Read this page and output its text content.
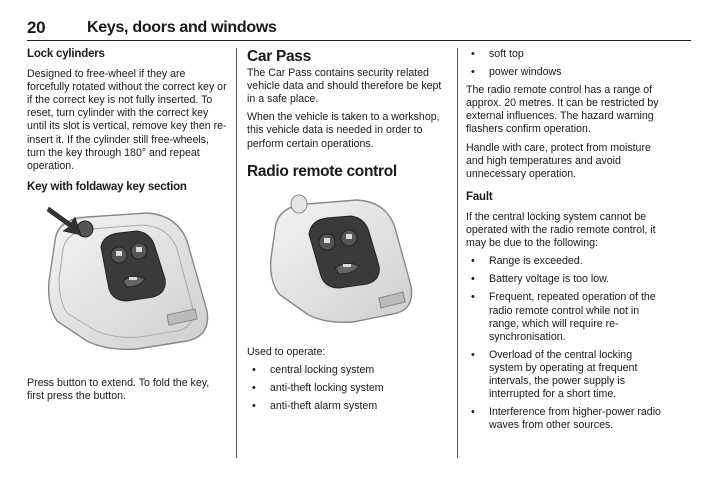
20	Keys, doors and windows
Lock cylinders

Designed to free-wheel if they are forcefully rotated without the correct key or if the correct key is not fully inserted. To reset, turn cylinder with the correct key until its slot is vertical, remove key then re-insert it. If the cylinder still free-wheels, turn the key through 180° and repeat operation.

Key with foldaway key section

Press button to extend. To fold the key, first press the button.

Car Pass

The Car Pass contains security related vehicle data and should therefore be kept in a safe place.

When the vehicle is taken to a workshop, this vehicle data is needed in order to perform certain operations.

Radio remote control

Used to operate:

• central locking system
• anti-theft locking system
• anti-theft alarm system
• soft top
• power windows

The radio remote control has a range of approx. 20 metres. It can be restricted by external influences. The hazard warning flashers confirm operation.

Handle with care, protect from moisture and high temperatures and avoid unnecessary operation.

Fault

If the central locking system cannot be operated with the radio remote control, it may be due to the following:

• Range is exceeded.
• Battery voltage is too low.
• Frequent, repeated operation of the radio remote control while not in range, which will require re-synchronisation.
• Overload of the central locking system by operating at frequent intervals, the power supply is interrupted for a short time.
• Interference from higher-power radio waves from other sources.
